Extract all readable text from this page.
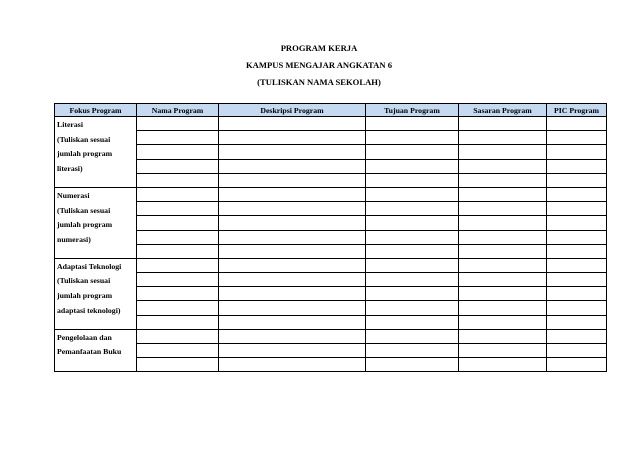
PROGRAM KERJA
KAMPUS MENGAJAR ANGKATAN 6
(TULISKAN NAMA SEKOLAH)
Fokus Program	Nama Program	Deskripsi Program	Tujuan Program	Sasaran Program	PIC Program

Literasi
(Tuliskan sesuai
jumlah program
literasi)					

Numerasi
(Tuliskan sesuai
jumlah program
numerasi)					

Adaptasi Teknologi
(Tuliskan sesuai
jumlah program
adaptasi teknologi)					

Pengelolaan dan
Pemanfaatan Buku					
